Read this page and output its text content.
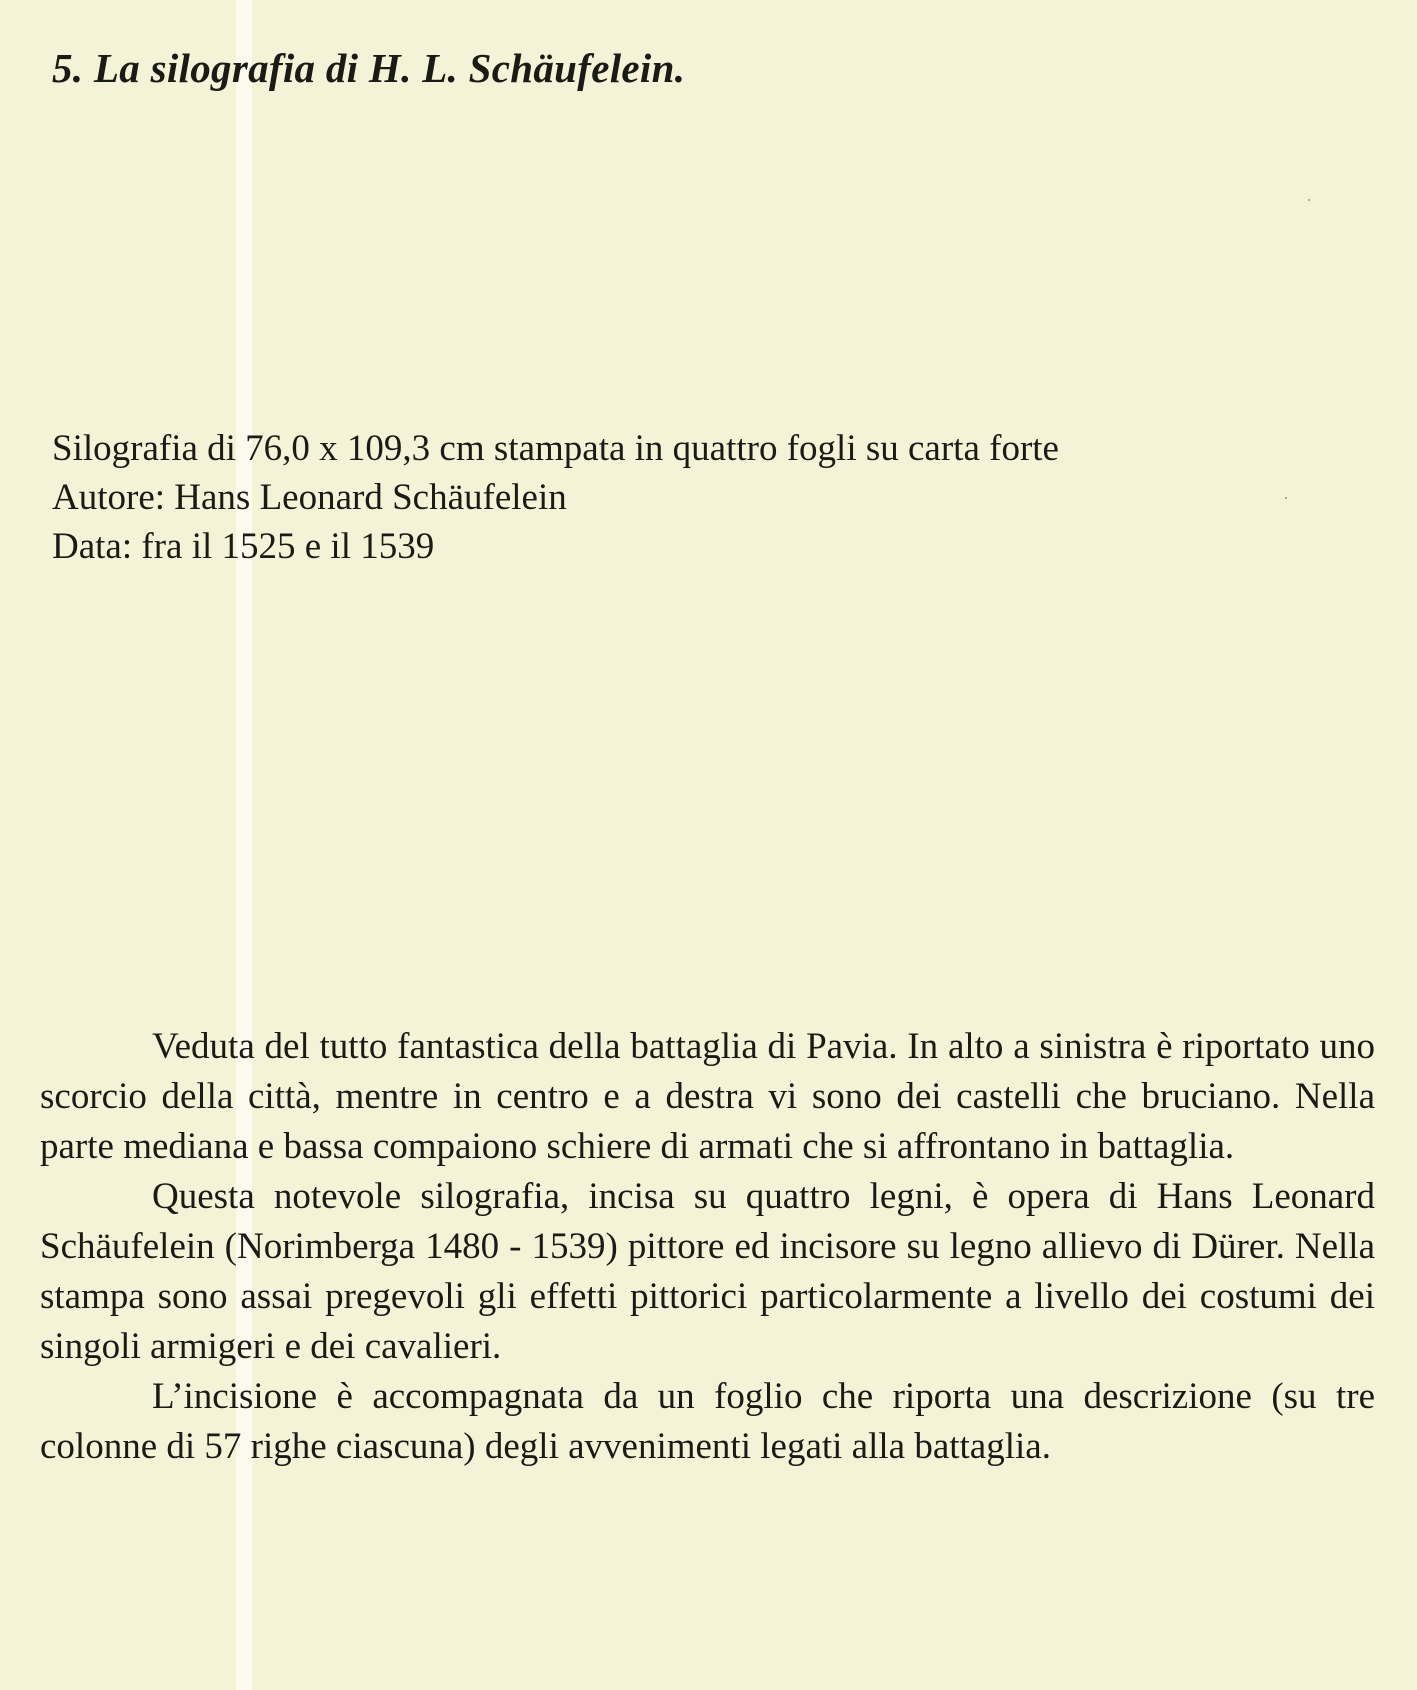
5. La silografia di H. L. Schäufelein.
Silografia di 76,0 x 109,3 cm stampata in quattro fogli su carta forte
Autore: Hans Leonard Schäufelein
Data: fra il 1525 e il 1539

Veduta del tutto fantastica della battaglia di Pavia. In alto a sinistra è riportato uno scorcio della città, mentre in centro e a destra vi sono dei castelli che bruciano. Nella parte mediana e bassa compaiono schiere di armati che si affrontano in battaglia.

Questa notevole silografia, incisa su quattro legni, è opera di Hans Leonard Schäufelein (Norimberga 1480 - 1539) pittore ed incisore su legno allievo di Dürer. Nella stampa sono assai pregevoli gli effetti pittorici particolarmente a livello dei costumi dei singoli armigeri e dei cavalieri.

L’incisione è accompagnata da un foglio che riporta una descrizione (su tre colonne di 57 righe ciascuna) degli avvenimenti legati alla battaglia.
